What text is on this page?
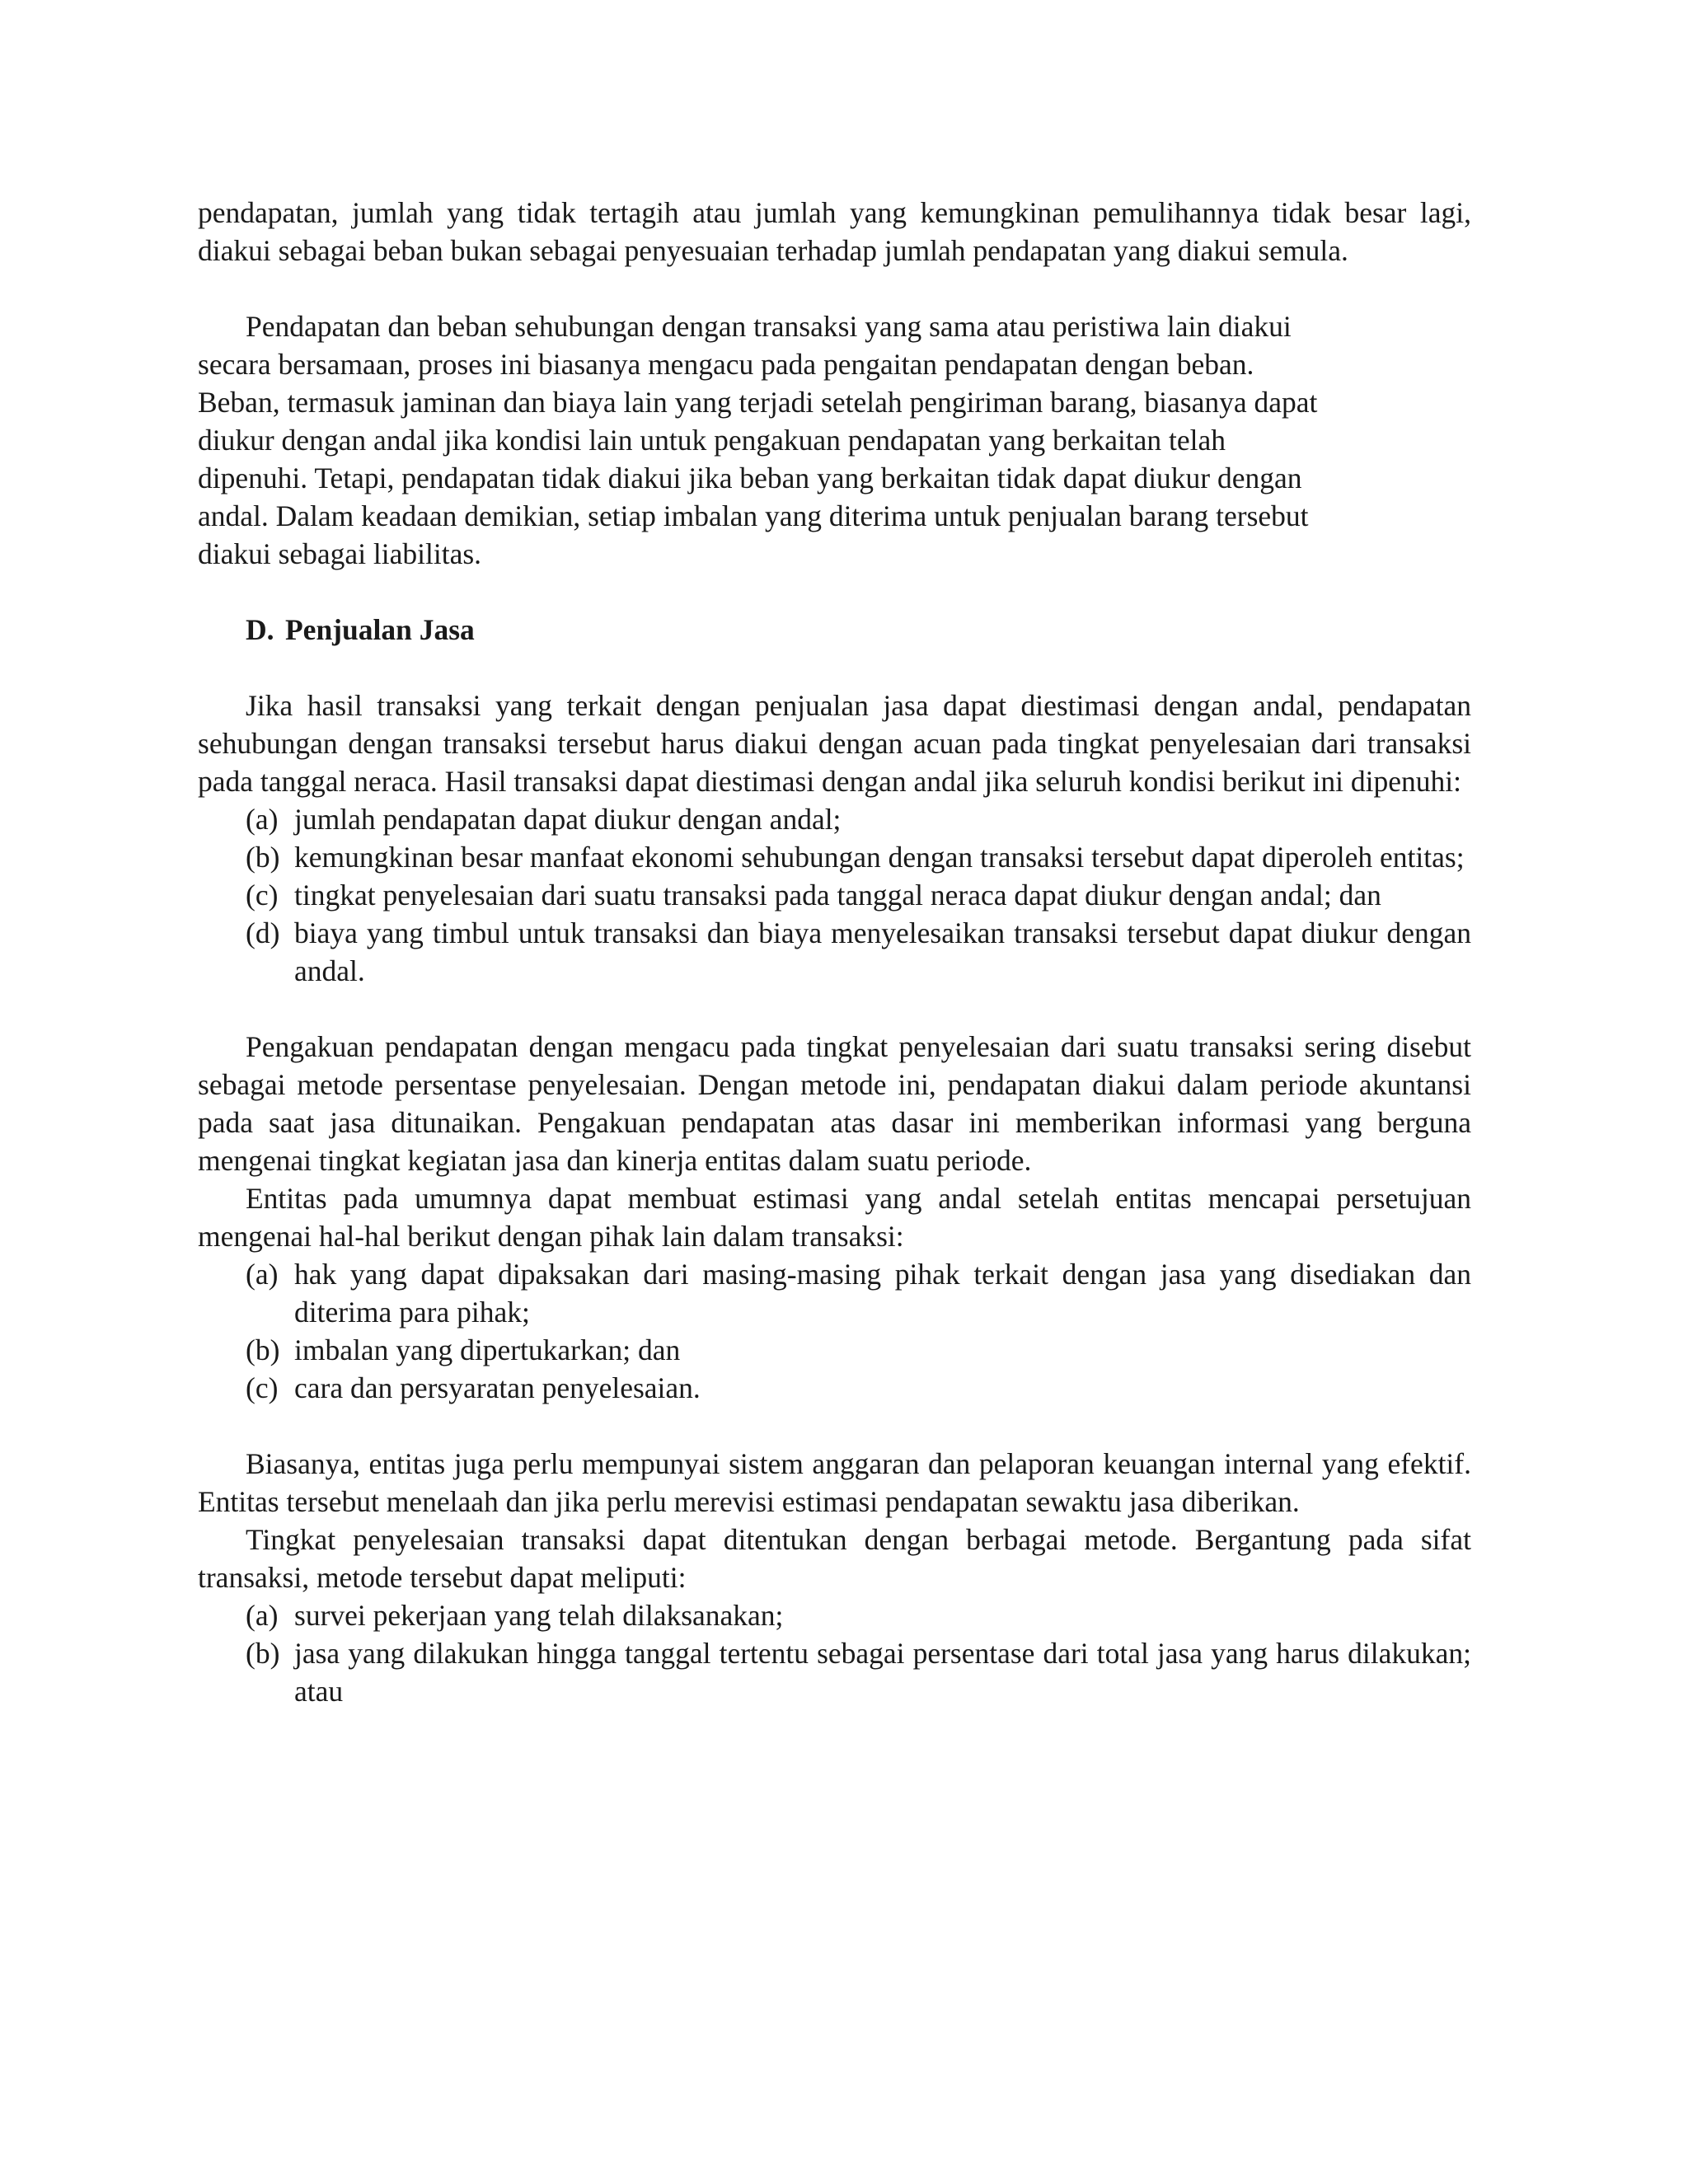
pendapatan, jumlah yang tidak tertagih atau jumlah yang kemungkinan pemulihannya tidak besar lagi, diakui sebagai beban bukan sebagai penyesuaian terhadap jumlah pendapatan yang diakui semula.

Pendapatan dan beban sehubungan dengan transaksi yang sama atau peristiwa lain diakui
secara bersamaan, proses ini biasanya mengacu pada pengaitan pendapatan dengan beban.
Beban, termasuk jaminan dan biaya lain yang terjadi setelah pengiriman barang, biasanya dapat
diukur dengan andal jika kondisi lain untuk pengakuan pendapatan yang berkaitan telah
dipenuhi. Tetapi, pendapatan tidak diakui jika beban yang berkaitan tidak dapat diukur dengan
andal. Dalam keadaan demikian, setiap imbalan yang diterima untuk penjualan barang tersebut
diakui sebagai liabilitas.
D. Penjualan Jasa

Jika hasil transaksi yang terkait dengan penjualan jasa dapat diestimasi dengan andal, pendapatan sehubungan dengan transaksi tersebut harus diakui dengan acuan pada tingkat penyelesaian dari transaksi pada tanggal neraca. Hasil transaksi dapat diestimasi dengan andal jika seluruh kondisi berikut ini dipenuhi:

(a) jumlah pendapatan dapat diukur dengan andal;
(b) kemungkinan besar manfaat ekonomi sehubungan dengan transaksi tersebut dapat diperoleh entitas;
(c) tingkat penyelesaian dari suatu transaksi pada tanggal neraca dapat diukur dengan andal; dan
(d) biaya yang timbul untuk transaksi dan biaya menyelesaikan transaksi tersebut dapat diukur dengan andal.

Pengakuan pendapatan dengan mengacu pada tingkat penyelesaian dari suatu transaksi sering disebut sebagai metode persentase penyelesaian. Dengan metode ini, pendapatan diakui dalam periode akuntansi pada saat jasa ditunaikan. Pengakuan pendapatan atas dasar ini memberikan informasi yang berguna mengenai tingkat kegiatan jasa dan kinerja entitas dalam suatu periode.

Entitas pada umumnya dapat membuat estimasi yang andal setelah entitas mencapai persetujuan mengenai hal-hal berikut dengan pihak lain dalam transaksi:

(a) hak yang dapat dipaksakan dari masing-masing pihak terkait dengan jasa yang disediakan dan diterima para pihak;
(b) imbalan yang dipertukarkan; dan
(c) cara dan persyaratan penyelesaian.

Biasanya, entitas juga perlu mempunyai sistem anggaran dan pelaporan keuangan internal yang efektif. Entitas tersebut menelaah dan jika perlu merevisi estimasi pendapatan sewaktu jasa diberikan.

Tingkat penyelesaian transaksi dapat ditentukan dengan berbagai metode. Bergantung pada sifat transaksi, metode tersebut dapat meliputi:

(a) survei pekerjaan yang telah dilaksanakan;
(b) jasa yang dilakukan hingga tanggal tertentu sebagai persentase dari total jasa yang harus dilakukan; atau
